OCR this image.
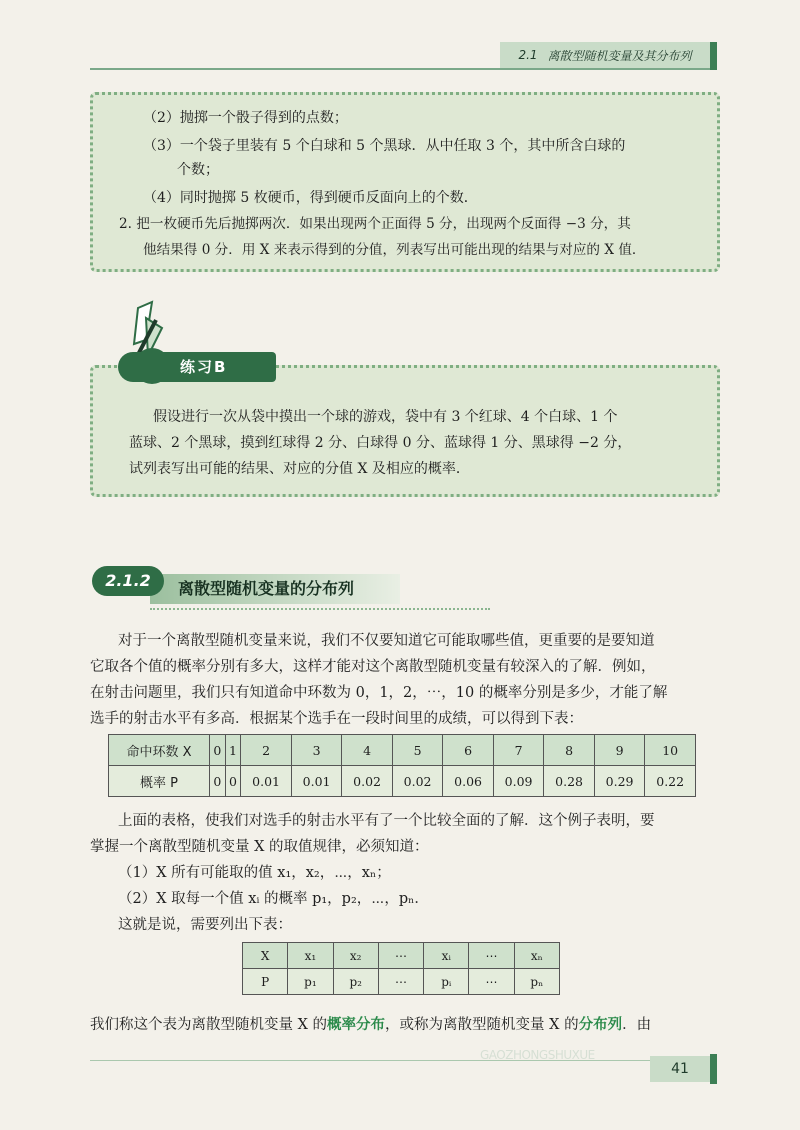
2.1 离散型随机变量及其分布列
（2）抛掷一个骰子得到的点数；
（3）一个袋子里装有 5 个白球和 5 个黑球．从中任取 3 个，其中所含白球的
个数；
（4）同时抛掷 5 枚硬币，得到硬币反面向上的个数．
2. 把一枚硬币先后抛掷两次．如果出现两个正面得 5 分，出现两个反面得 −3 分，其
他结果得 0 分．用 X 来表示得到的分值，列表写出可能出现的结果与对应的 X 值．
假设进行一次从袋中摸出一个球的游戏，袋中有 3 个红球、4 个白球、1 个
蓝球、2 个黑球，摸到红球得 2 分、白球得 0 分、蓝球得 1 分、黑球得 −2 分，
试列表写出可能的结果、对应的分值 X 及相应的概率．
练习B
2.1.2	离散型随机变量的分布列
对于一个离散型随机变量来说，我们不仅要知道它可能取哪些值，更重要的是要知道
它取各个值的概率分别有多大，这样才能对这个离散型随机变量有较深入的了解．例如，
在射击问题里，我们只有知道命中环数为 0，1，2，⋯，10 的概率分别是多少，才能了解
选手的射击水平有多高．根据某个选手在一段时间里的成绩，可以得到下表：
命中环数 X	0	1	2	3	4	5	6	7	8	9	10
概率 P	0	0	0.01	0.01	0.02	0.02	0.06	0.09	0.28	0.29	0.22
上面的表格，使我们对选手的射击水平有了一个比较全面的了解．这个例子表明，要
掌握一个离散型随机变量 X 的取值规律，必须知道：
（1）X 所有可能取的值 x₁，x₂，⋯，xₙ；
（2）X 取每一个值 xᵢ 的概率 p₁，p₂，⋯，pₙ．
这就是说，需要列出下表：
X	x₁	x₂	⋯	xᵢ	⋯	xₙ
P	p₁	p₂	⋯	pᵢ	⋯	pₙ
我们称这个表为离散型随机变量 X 的概率分布，或称为离散型随机变量 X 的分布列．由
GAOZHONGSHUXUE
41
